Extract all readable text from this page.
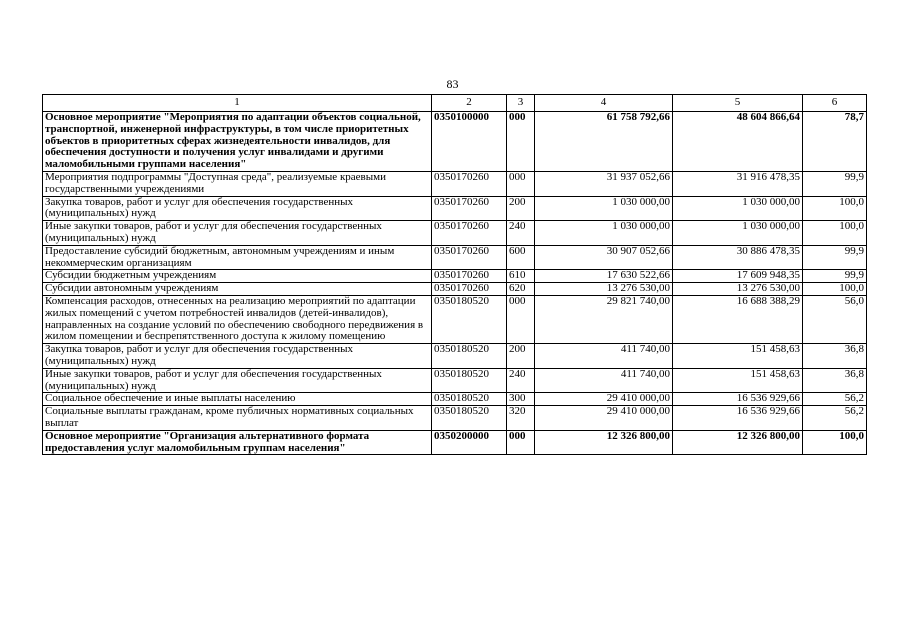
83
1	2	3	4	5	6
Основное мероприятие "Мероприятия по адаптации объектов социальной, транспортной, инженерной инфраструктуры, в том числе приоритетных объектов в приоритетных сферах жизнедеятельности инвалидов, для обеспечения доступности и получения услуг инвалидами и другими маломобильными группами населения"	0350100000	000	61 758 792,66	48 604 866,64	78,7
Мероприятия подпрограммы "Доступная среда", реализуемые краевыми государственными учреждениями	0350170260	000	31 937 052,66	31 916 478,35	99,9
Закупка товаров, работ и услуг для обеспечения государственных (муниципальных) нужд	0350170260	200	1 030 000,00	1 030 000,00	100,0
Иные закупки товаров, работ и услуг для обеспечения государственных (муниципальных) нужд	0350170260	240	1 030 000,00	1 030 000,00	100,0
Предоставление субсидий бюджетным, автономным учреждениям и иным некоммерческим организациям	0350170260	600	30 907 052,66	30 886 478,35	99,9
Субсидии бюджетным учреждениям	0350170260	610	17 630 522,66	17 609 948,35	99,9
Субсидии автономным учреждениям	0350170260	620	13 276 530,00	13 276 530,00	100,0
Компенсация расходов, отнесенных на реализацию мероприятий по адаптации жилых помещений с учетом потребностей инвалидов (детей-инвалидов), направленных на создание условий по обеспечению свободного передвижения в жилом помещении и беспрепятственного доступа к жилому помещению	0350180520	000	29 821 740,00	16 688 388,29	56,0
Закупка товаров, работ и услуг для обеспечения государственных (муниципальных) нужд	0350180520	200	411 740,00	151 458,63	36,8
Иные закупки товаров, работ и услуг для обеспечения государственных (муниципальных) нужд	0350180520	240	411 740,00	151 458,63	36,8
Социальное обеспечение и иные выплаты населению	0350180520	300	29 410 000,00	16 536 929,66	56,2
Социальные выплаты гражданам, кроме публичных нормативных социальных выплат	0350180520	320	29 410 000,00	16 536 929,66	56,2
Основное мероприятие "Организация альтернативного формата предоставления услуг маломобильным группам населения"	0350200000	000	12 326 800,00	12 326 800,00	100,0
